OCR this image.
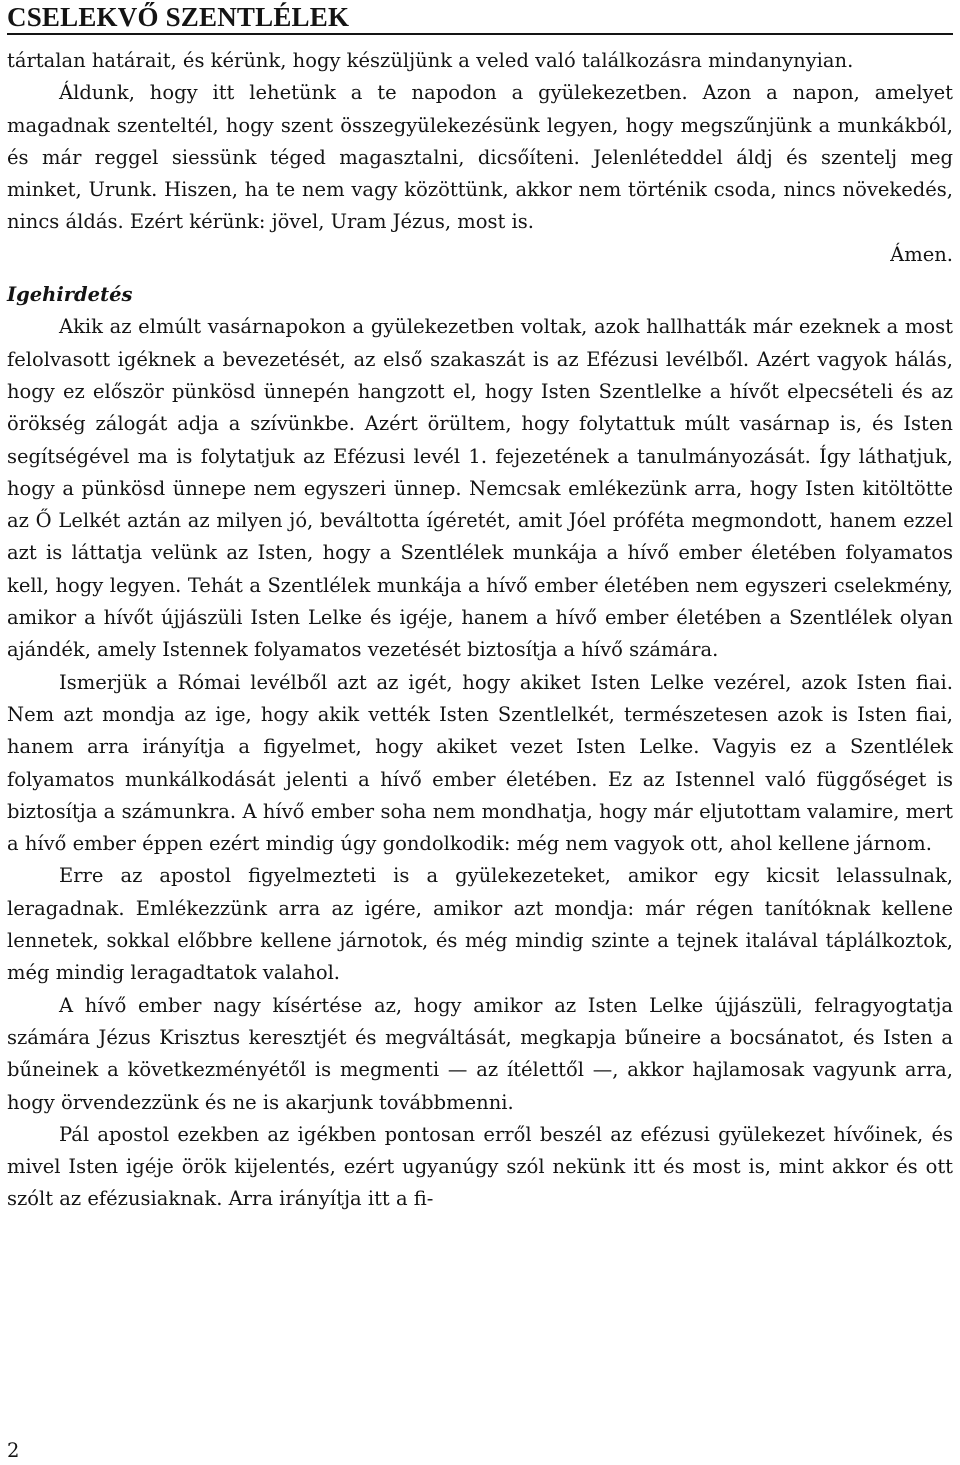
CSELEKVŐ SZENTLÉLEK

tártalan határait, és kérünk, hogy készüljünk a veled való találkozásra mindanynyian.

Áldunk, hogy itt lehetünk a te napodon a gyülekezetben. Azon a napon, amelyet magadnak szenteltél, hogy szent összegyülekezésünk legyen, hogy megszűnjünk a munkákból, és már reggel siessünk téged magasztalni, dicsőíteni. Jelenléteddel áldj és szentelj meg minket, Urunk. Hiszen, ha te nem vagy közöttünk, akkor nem történik csoda, nincs növekedés, nincs áldás. Ezért kérünk: jövel, Uram Jézus, most is.

Ámen.

Igehirdetés

Akik az elmúlt vasárnapokon a gyülekezetben voltak, azok hallhatták már ezeknek a most felolvasott igéknek a bevezetését, az első szakaszát is az Efézusi levélből. Azért vagyok hálás, hogy ez először pünkösd ünnepén hangzott el, hogy Isten Szentlelke a hívőt elpecsételi és az örökség zálogát adja a szívünkbe. Azért örültem, hogy folytattuk múlt vasárnap is, és Isten segítségével ma is folytatjuk az Efézusi levél 1. fejezetének a tanulmányozását. Így láthatjuk, hogy a pünkösd ünnepe nem egyszeri ünnep. Nemcsak emlékezünk arra, hogy Isten kitöltötte az Ő Lelkét aztán az milyen jó, beváltotta ígéretét, amit Jóel próféta megmondott, hanem ezzel azt is láttatja velünk az Isten, hogy a Szentlélek munkája a hívő ember életében folyamatos kell, hogy legyen. Tehát a Szentlélek munkája a hívő ember életében nem egyszeri cselekmény, amikor a hívőt újjászüli Isten Lelke és igéje, hanem a hívő ember életében a Szentlélek olyan ajándék, amely Istennek folyamatos vezetését biztosítja a hívő számára.

Ismerjük a Római levélből azt az igét, hogy akiket Isten Lelke vezérel, azok Isten fiai. Nem azt mondja az ige, hogy akik vették Isten Szentlelkét, természetesen azok is Isten fiai, hanem arra irányítja a figyelmet, hogy akiket vezet Isten Lelke. Vagyis ez a Szentlélek folyamatos munkálkodását jelenti a hívő ember életében. Ez az Istennel való függőséget is biztosítja a számunkra. A hívő ember soha nem mondhatja, hogy már eljutottam valamire, mert a hívő ember éppen ezért mindig úgy gondolkodik: még nem vagyok ott, ahol kellene járnom.

Erre az apostol figyelmezteti is a gyülekezeteket, amikor egy kicsit lelassulnak, leragadnak. Emlékezzünk arra az igére, amikor azt mondja: már régen tanítóknak kellene lennetek, sokkal előbbre kellene járnotok, és még mindig szinte a tejnek italával táplálkoztok, még mindig leragadtatok valahol.

A hívő ember nagy kísértése az, hogy amikor az Isten Lelke újjászüli, felragyogtatja számára Jézus Krisztus keresztjét és megváltását, megkapja bűneire a bocsánatot, és Isten a bűneinek a következményétől is megmenti — az ítélettől —, akkor hajlamosak vagyunk arra, hogy örvendezzünk és ne is akarjunk továbbmenni.

Pál apostol ezekben az igékben pontosan erről beszél az efézusi gyülekezet hívőinek, és mivel Isten igéje örök kijelentés, ezért ugyanúgy szól nekünk itt és most is, mint akkor és ott szólt az efézusiaknak. Arra irányítja itt a fi-

2
